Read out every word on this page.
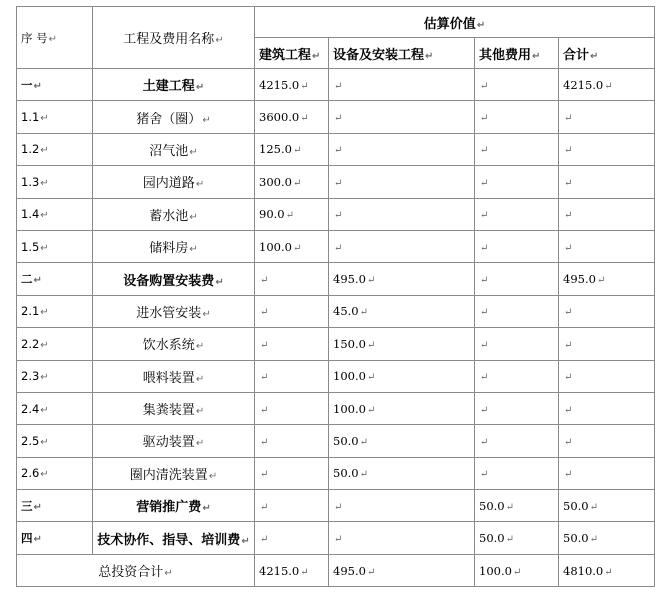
序 号↵	工程及费用名称↵	估算价值↵			
		建筑工程↵	设备及安装工程↵	其他费用↵	合计↵
一↵	土建工程↵	4215.0↵	↵	↵	4215.0↵
1.1↵	猪舍（圈）↵	3600.0↵	↵	↵	↵
1.2↵	沼气池↵	125.0↵	↵	↵	↵
1.3↵	园内道路↵	300.0↵	↵	↵	↵
1.4↵	蓄水池↵	90.0↵	↵	↵	↵
1.5↵	储料房↵	100.0↵	↵	↵	↵
二↵	设备购置安装费↵	↵	495.0↵	↵	495.0↵
2.1↵	进水管安装↵	↵	45.0↵	↵	↵
2.2↵	饮水系统↵	↵	150.0↵	↵	↵
2.3↵	喂料装置↵	↵	100.0↵	↵	↵
2.4↵	集粪装置↵	↵	100.0↵	↵	↵
2.5↵	驱动装置↵	↵	50.0↵	↵	↵
2.6↵	圈内清洗装置↵	↵	50.0↵	↵	↵
三↵	营销推广费↵	↵	↵	50.0↵	50.0↵
四↵	技术协作、指导、培训费↵	↵	↵	50.0↵	50.0↵
总投资合计↵		4215.0↵	495.0↵	100.0↵	4810.0↵
